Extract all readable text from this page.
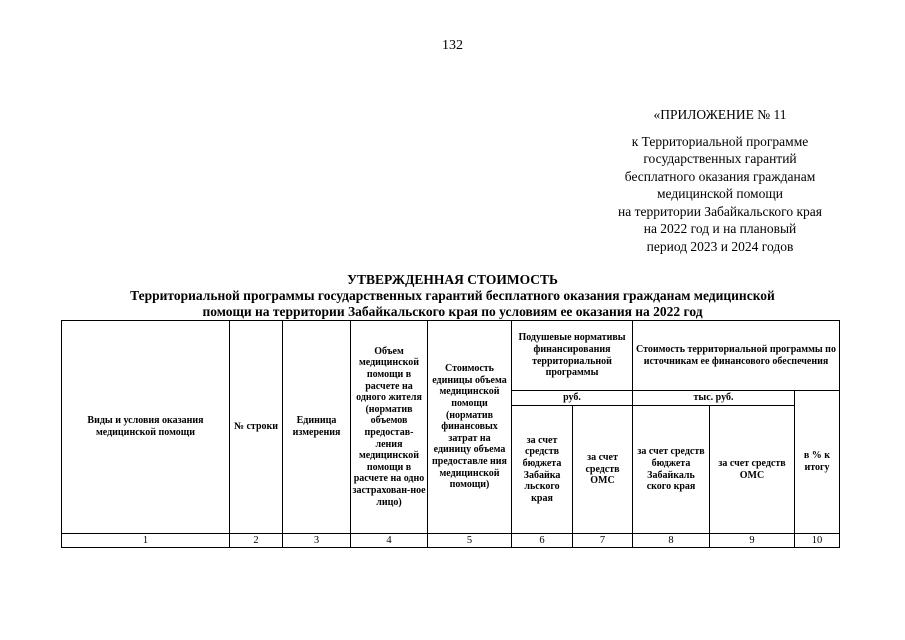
132
«ПРИЛОЖЕНИЕ № 11
к Территориальной программе
государственных гарантий
бесплатного оказания гражданам
медицинской помощи
на территории Забайкальского края
на 2022 год и на плановый
период 2023 и 2024 годов
УТВЕРЖДЕННАЯ СТОИМОСТЬ
Территориальной программы государственных гарантий бесплатного оказания гражданам медицинской
помощи на территории Забайкальского края по условиям ее оказания на 2022 год
Виды и условия оказания медицинской помощи	№ строки	Единица измерения	Объем медицинской помощи в расчете на одного жителя (норматив объемов предостав-ления медицинской помощи в расчете на одно застрахован-ное лицо)	Стоимость единицы объема медицинской помощи (норматив финансовых затрат на единицу объема предоставле ния медицинской помощи)	Подушевые нормативы финансирования территориальной программы		Стоимость территориальной программы по источникам ее финансового обеспечения		
					руб.		тыс. руб.		в % к итогу
					за счет средств бюджета Забайка льского края	за счет средств ОМС	за счет средств бюджета Забайкаль ского края	за счет средств ОМС	
1	2	3	4	5	6	7	8	9	10
